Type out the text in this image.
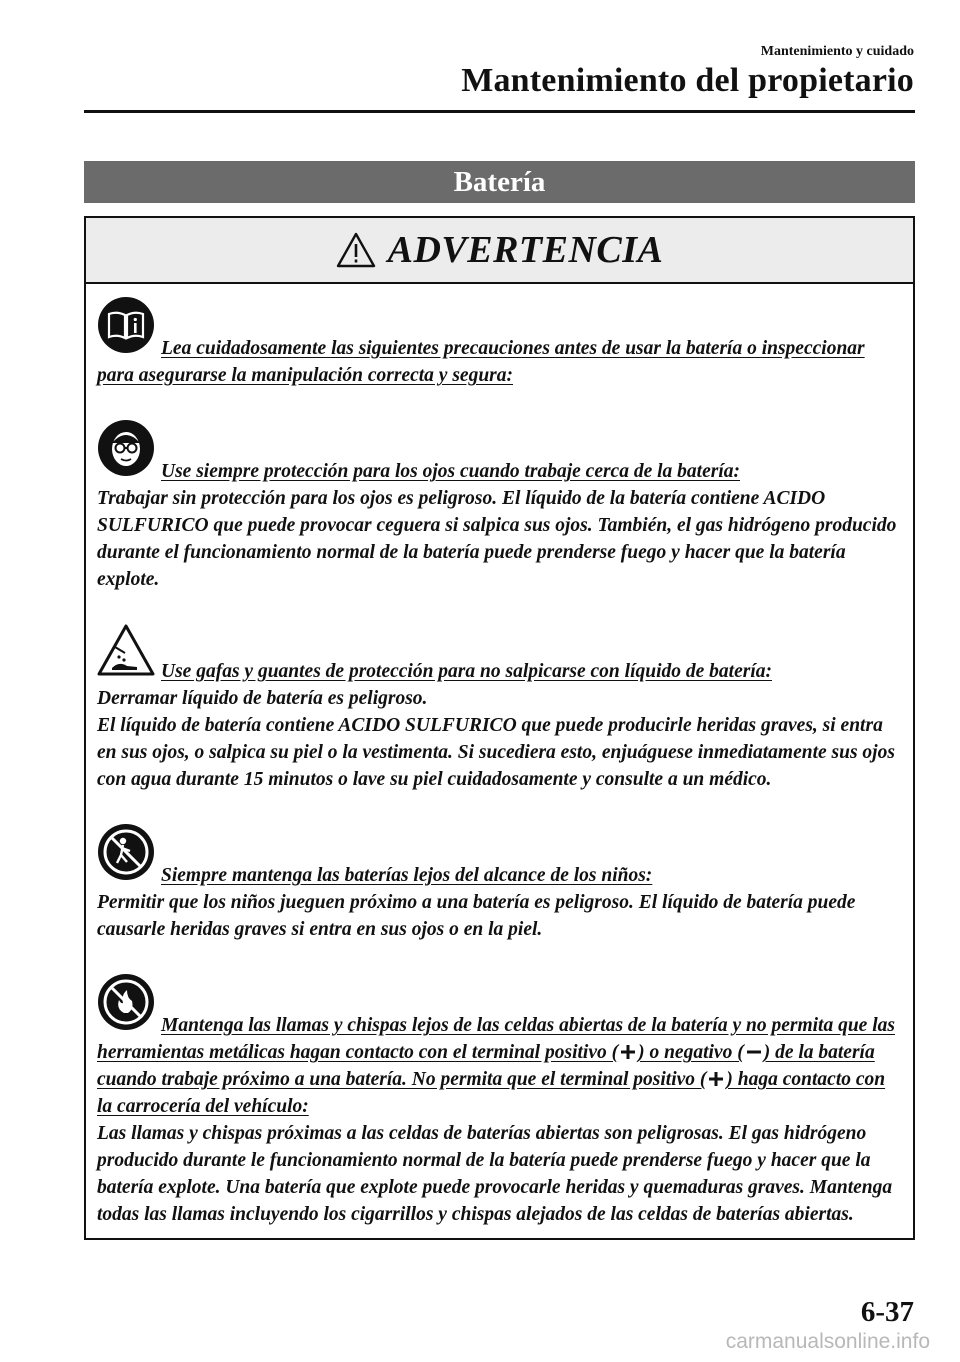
Mantenimiento y cuidado
Mantenimiento del propietario
Batería
ADVERTENCIA
Lea cuidadosamente las siguientes precauciones antes de usar la batería o inspeccionar para asegurarse la manipulación correcta y segura:
Use siempre protección para los ojos cuando trabaje cerca de la batería:
Trabajar sin protección para los ojos es peligroso. El líquido de la batería contiene ACIDO SULFURICO que puede provocar ceguera si salpica sus ojos. También, el gas hidrógeno producido durante el funcionamiento normal de la batería puede prenderse fuego y hacer que la batería explote.
Use gafas y guantes de protección para no salpicarse con líquido de batería:
Derramar líquido de batería es peligroso.
El líquido de batería contiene ACIDO SULFURICO que puede producirle heridas graves, si entra en sus ojos, o salpica su piel o la vestimenta. Si sucediera esto, enjuáguese inmediatamente sus ojos con agua durante 15 minutos o lave su piel cuidadosamente y consulte a un médico.
Siempre mantenga las baterías lejos del alcance de los niños:
Permitir que los niños jueguen próximo a una batería es peligroso. El líquido de batería puede causarle heridas graves si entra en sus ojos o en la piel.
Mantenga las llamas y chispas lejos de las celdas abiertas de la batería y no permita que las herramientas metálicas hagan contacto con el terminal positivo ( ) o negativo ( ) de la batería cuando trabaje próximo a una batería. No permita que el terminal positivo ( ) haga contacto con la carrocería del vehículo:
Las llamas y chispas próximas a las celdas de baterías abiertas son peligrosas. El gas hidrógeno producido durante le funcionamiento normal de la batería puede prenderse fuego y hacer que la batería explote. Una batería que explote puede provocarle heridas y quemaduras graves. Mantenga todas las llamas incluyendo los cigarrillos y chispas alejados de las celdas de baterías abiertas.
6-37
carmanualsonline.info
